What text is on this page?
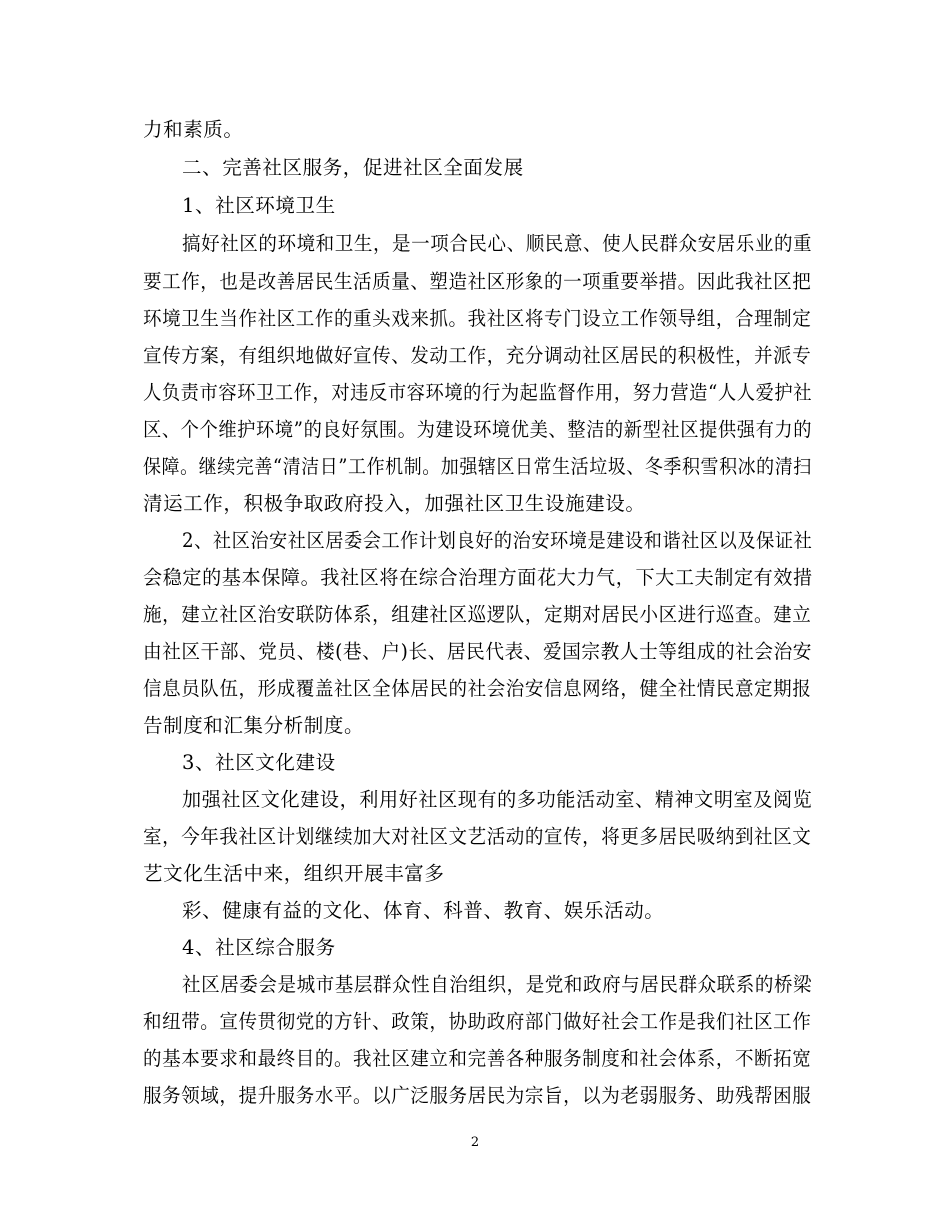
力和素质。
二、完善社区服务，促进社区全面发展
1、社区环境卫生
搞好社区的环境和卫生，是一项合民心、顺民意、使人民群众安居乐业的重
要工作，也是改善居民生活质量、塑造社区形象的一项重要举措。因此我社区把
环境卫生当作社区工作的重头戏来抓。我社区将专门设立工作领导组，合理制定
宣传方案，有组织地做好宣传、发动工作，充分调动社区居民的积极性，并派专
人负责市容环卫工作，对违反市容环境的行为起监督作用，努力营造“人人爱护社
区、个个维护环境”的良好氛围。为建设环境优美、整洁的新型社区提供强有力的
保障。继续完善“清洁日”工作机制。加强辖区日常生活垃圾、冬季积雪积冰的清扫
清运工作，积极争取政府投入，加强社区卫生设施建设。
2、社区治安社区居委会工作计划良好的治安环境是建设和谐社区以及保证社
会稳定的基本保障。我社区将在综合治理方面花大力气，下大工夫制定有效措
施，建立社区治安联防体系，组建社区巡逻队，定期对居民小区进行巡查。建立
由社区干部、党员、楼(巷、户)长、居民代表、爱国宗教人士等组成的社会治安
信息员队伍，形成覆盖社区全体居民的社会治安信息网络，健全社情民意定期报
告制度和汇集分析制度。
3、社区文化建设
加强社区文化建设，利用好社区现有的多功能活动室、精神文明室及阅览
室，今年我社区计划继续加大对社区文艺活动的宣传，将更多居民吸纳到社区文
艺文化生活中来，组织开展丰富多
彩、健康有益的文化、体育、科普、教育、娱乐活动。
4、社区综合服务
社区居委会是城市基层群众性自治组织，是党和政府与居民群众联系的桥梁
和纽带。宣传贯彻党的方针、政策，协助政府部门做好社会工作是我们社区工作
的基本要求和最终目的。我社区建立和完善各种服务制度和社会体系，不断拓宽
服务领域，提升服务水平。以广泛服务居民为宗旨，以为老弱服务、助残帮困服
2
